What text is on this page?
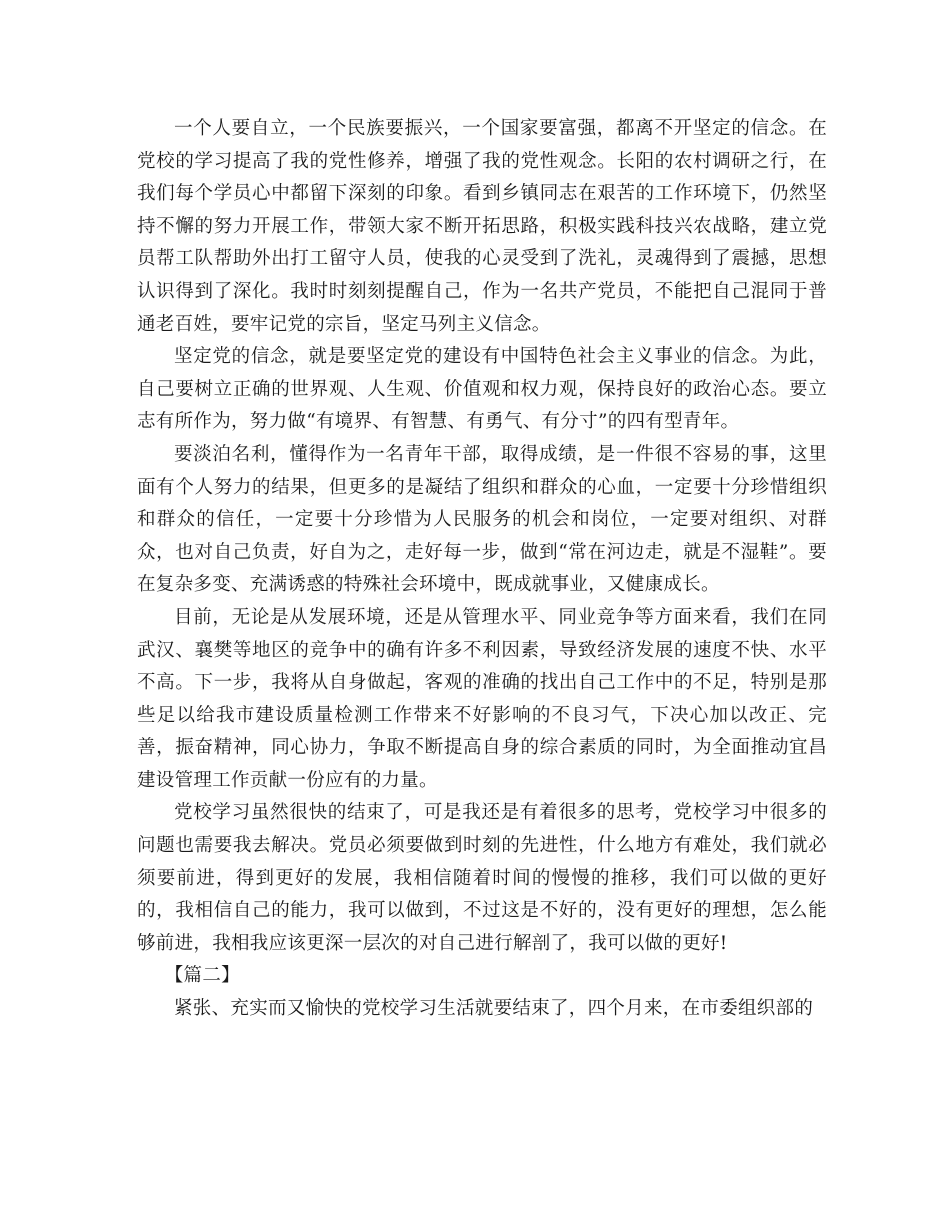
一个人要自立，一个民族要振兴，一个国家要富强，都离不开坚定的信念。在党校的学习提高了我的党性修养，增强了我的党性观念。长阳的农村调研之行，在我们每个学员心中都留下深刻的印象。看到乡镇同志在艰苦的工作环境下，仍然坚持不懈的努力开展工作，带领大家不断开拓思路，积极实践科技兴农战略，建立党员帮工队帮助外出打工留守人员，使我的心灵受到了洗礼，灵魂得到了震撼，思想认识得到了深化。我时时刻刻提醒自己，作为一名共产党员，不能把自己混同于普通老百姓，要牢记党的宗旨，坚定马列主义信念。

坚定党的信念，就是要坚定党的建设有中国特色社会主义事业的信念。为此，自己要树立正确的世界观、人生观、价值观和权力观，保持良好的政治心态。要立志有所作为，努力做“有境界、有智慧、有勇气、有分寸”的四有型青年。

要淡泊名利，懂得作为一名青年干部，取得成绩，是一件很不容易的事，这里面有个人努力的结果，但更多的是凝结了组织和群众的心血，一定要十分珍惜组织和群众的信任，一定要十分珍惜为人民服务的机会和岗位，一定要对组织、对群众，也对自己负责，好自为之，走好每一步，做到“常在河边走，就是不湿鞋”。要在复杂多变、充满诱惑的特殊社会环境中，既成就事业，又健康成长。

目前，无论是从发展环境，还是从管理水平、同业竞争等方面来看，我们在同武汉、襄樊等地区的竞争中的确有许多不利因素，导致经济发展的速度不快、水平不高。下一步，我将从自身做起，客观的准确的找出自己工作中的不足，特别是那些足以给我市建设质量检测工作带来不好影响的不良习气，下决心加以改正、完善，振奋精神，同心协力，争取不断提高自身的综合素质的同时，为全面推动宜昌建设管理工作贡献一份应有的力量。

党校学习虽然很快的结束了，可是我还是有着很多的思考，党校学习中很多的问题也需要我去解决。党员必须要做到时刻的先进性，什么地方有难处，我们就必须要前进，得到更好的发展，我相信随着时间的慢慢的推移，我们可以做的更好的，我相信自己的能力，我可以做到，不过这是不好的，没有更好的理想，怎么能够前进，我相我应该更深一层次的对自己进行解剖了，我可以做的更好!

【篇二】

紧张、充实而又愉快的党校学习生活就要结束了，四个月来，在市委组织部的
